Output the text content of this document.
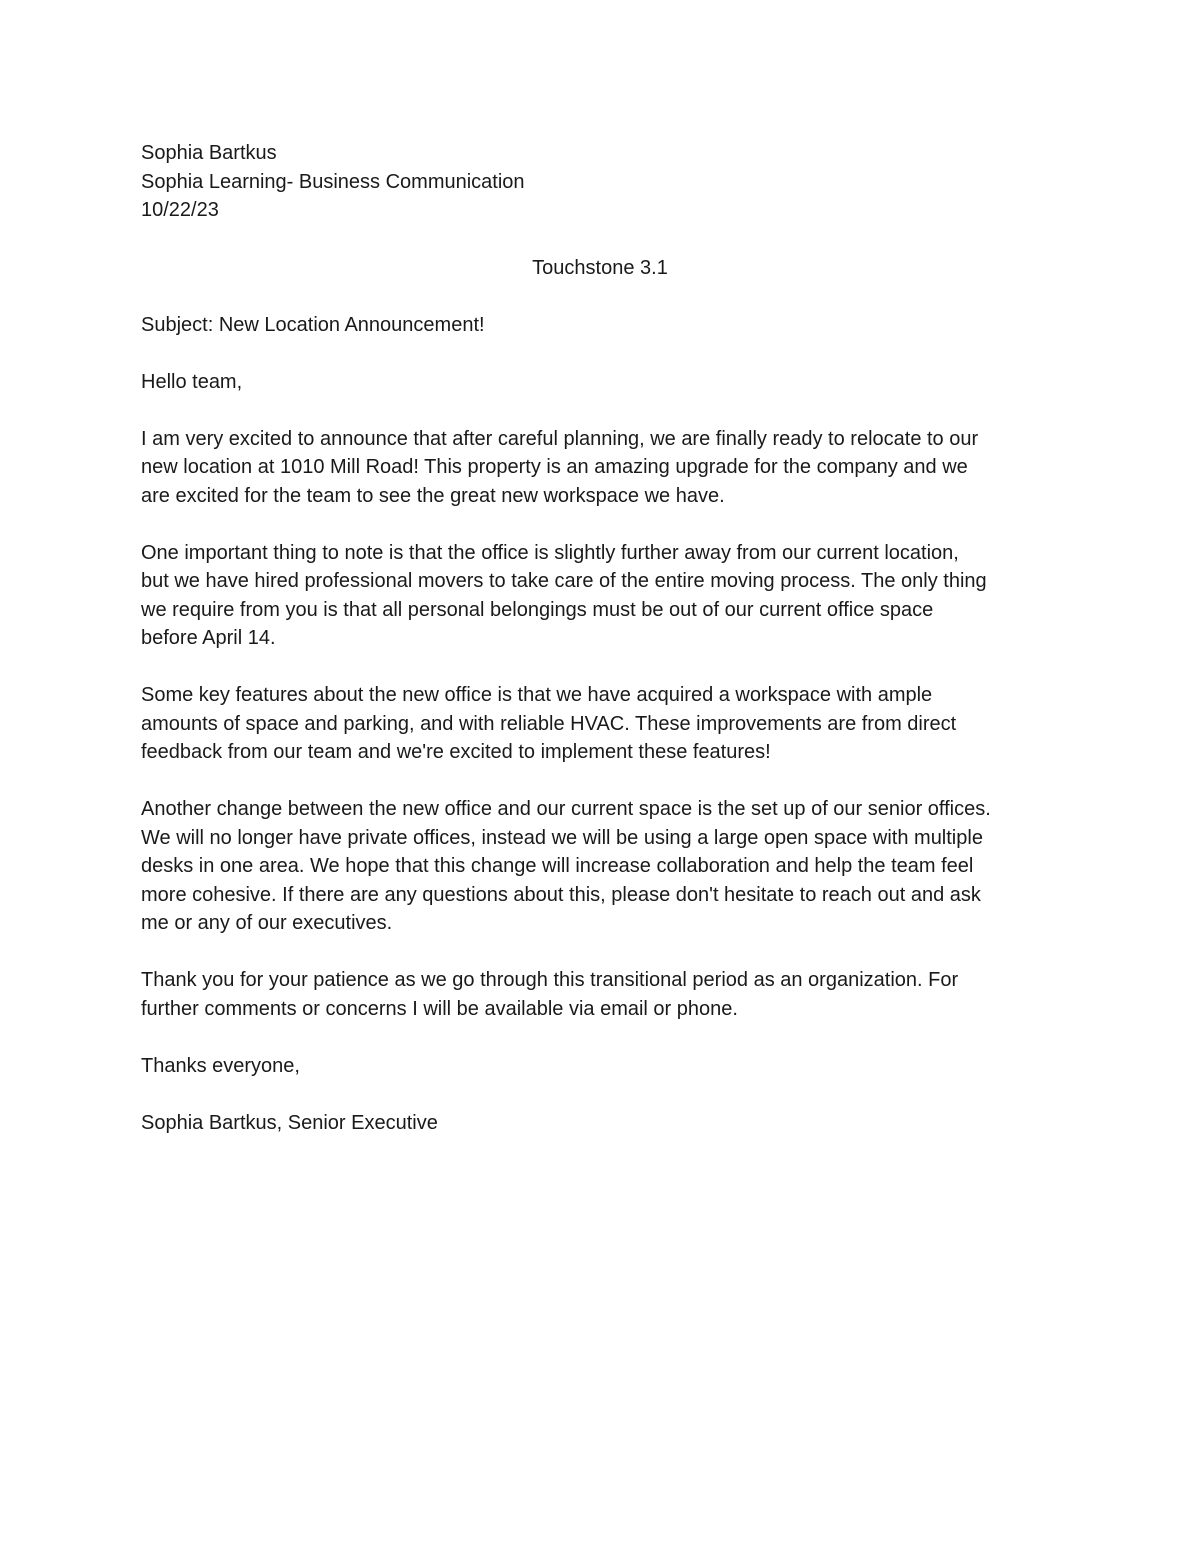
Sophia Bartkus
Sophia Learning- Business Communication
10/22/23
Touchstone 3.1
Subject: New Location Announcement!
Hello team,
I am very excited to announce that after careful planning, we are finally ready to relocate to our
new location at 1010 Mill Road! This property is an amazing upgrade for the company and we
are excited for the team to see the great new workspace we have.
One important thing to note is that the office is slightly further away from our current location,
but we have hired professional movers to take care of the entire moving process. The only thing
we require from you is that all personal belongings must be out of our current office space
before April 14.
Some key features about the new office is that we have acquired a workspace with ample
amounts of space and parking, and with reliable HVAC. These improvements are from direct
feedback from our team and we're excited to implement these features!
Another change between the new office and our current space is the set up of our senior offices.
We will no longer have private offices, instead we will be using a large open space with multiple
desks in one area. We hope that this change will increase collaboration and help the team feel
more cohesive. If there are any questions about this, please don't hesitate to reach out and ask
me or any of our executives.
Thank you for your patience as we go through this transitional period as an organization. For
further comments or concerns I will be available via email or phone.
Thanks everyone,
Sophia Bartkus, Senior Executive
